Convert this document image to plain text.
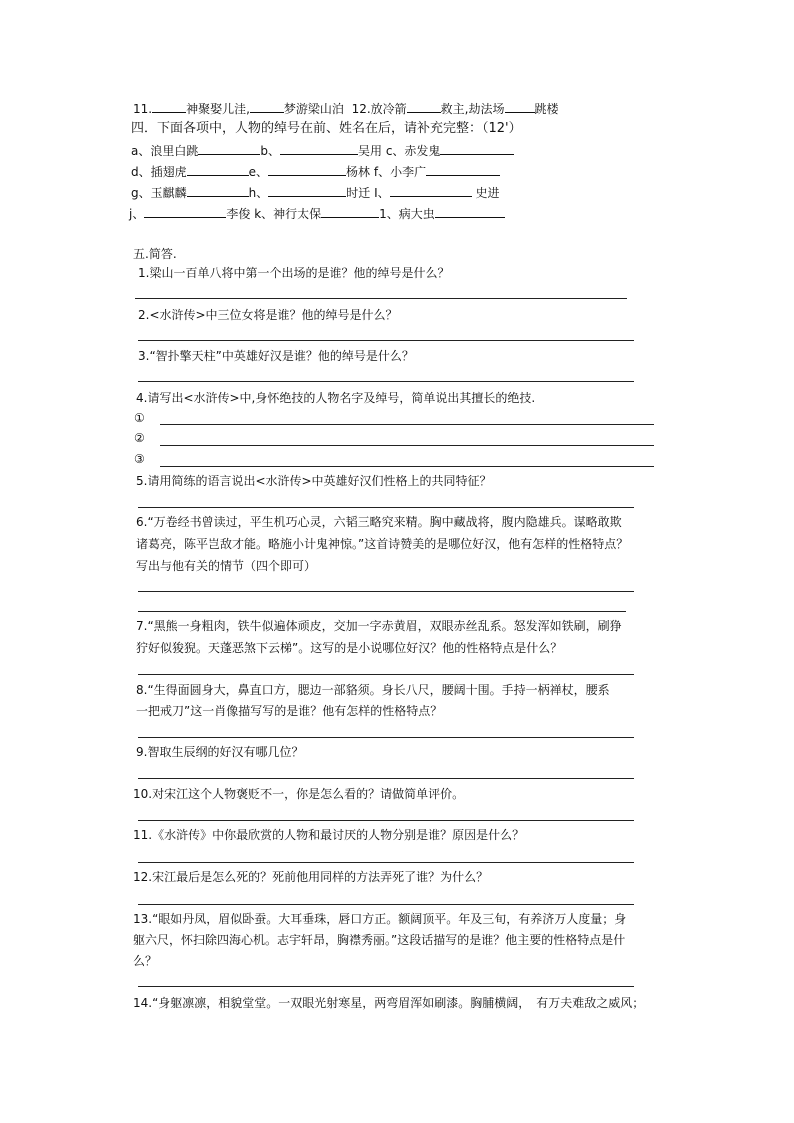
11.	神聚娶儿洼,	梦游梁山泊 12.放冷箭	救主,劫法场	跳楼
四．下面各项中，人物的绰号在前、姓名在后，请补充完整：（12'）
a、浪里白跳	b、	吴用 c、赤发鬼
d、插翅虎	e、	杨林 f、小李广
g、玉麒麟	h、	时迁 I、	史进
j、	李俊 k、神行太保	1、病大虫
五.简答.
1.梁山一百单八将中第一个出场的是谁？他的绰号是什么？
2.<水浒传>中三位女将是谁？他的绰号是什么？
3.“智扑擎天柱”中英雄好汉是谁？他的绰号是什么？
4.请写出<水浒传>中,身怀绝技的人物名字及绰号，简单说出其擅长的绝技.
①
②
③
5.请用简练的语言说出<水浒传>中英雄好汉们性格上的共同特征？
6.“万卷经书曾读过，平生机巧心灵，六韬三略究来精。胸中藏战将，腹内隐雄兵。谋略敢欺
诸葛亮，陈平岂敌才能。略施小计鬼神惊。”这首诗赞美的是哪位好汉，他有怎样的性格特点？
写出与他有关的情节（四个即可）
7.“黑熊一身粗肉，铁牛似遍体顽皮，交加一字赤黄眉，双眼赤丝乱系。怒发浑如铁刷，刷狰
狞好似狻猊。天蓬恶煞下云梯”。这写的是小说哪位好汉？他的性格特点是什么？
8.“生得面圆身大，鼻直口方，腮边一部貉须。身长八尺，腰阔十围。手持一柄禅杖，腰系
一把戒刀”这一肖像描写写的是谁？他有怎样的性格特点？
9.智取生辰纲的好汉有哪几位？
10.对宋江这个人物褒贬不一，你是怎么看的？请做简单评价。
11.《水浒传》中你最欣赏的人物和最讨厌的人物分别是谁？原因是什么？
12.宋江最后是怎么死的？死前他用同样的方法弄死了谁？为什么？
13.“眼如丹凤，眉似卧蚕。大耳垂珠，唇口方正。额阔顶平。年及三旬，有养济万人度量；身
躯六尺，怀扫除四海心机。志宇轩昂，胸襟秀丽。”这段话描写的是谁？他主要的性格特点是什
么？
14.“身躯凛凛，相貌堂堂。一双眼光射寒星，两弯眉浑如刷漆。胸脯横阔，　有万夫难敌之威风；
